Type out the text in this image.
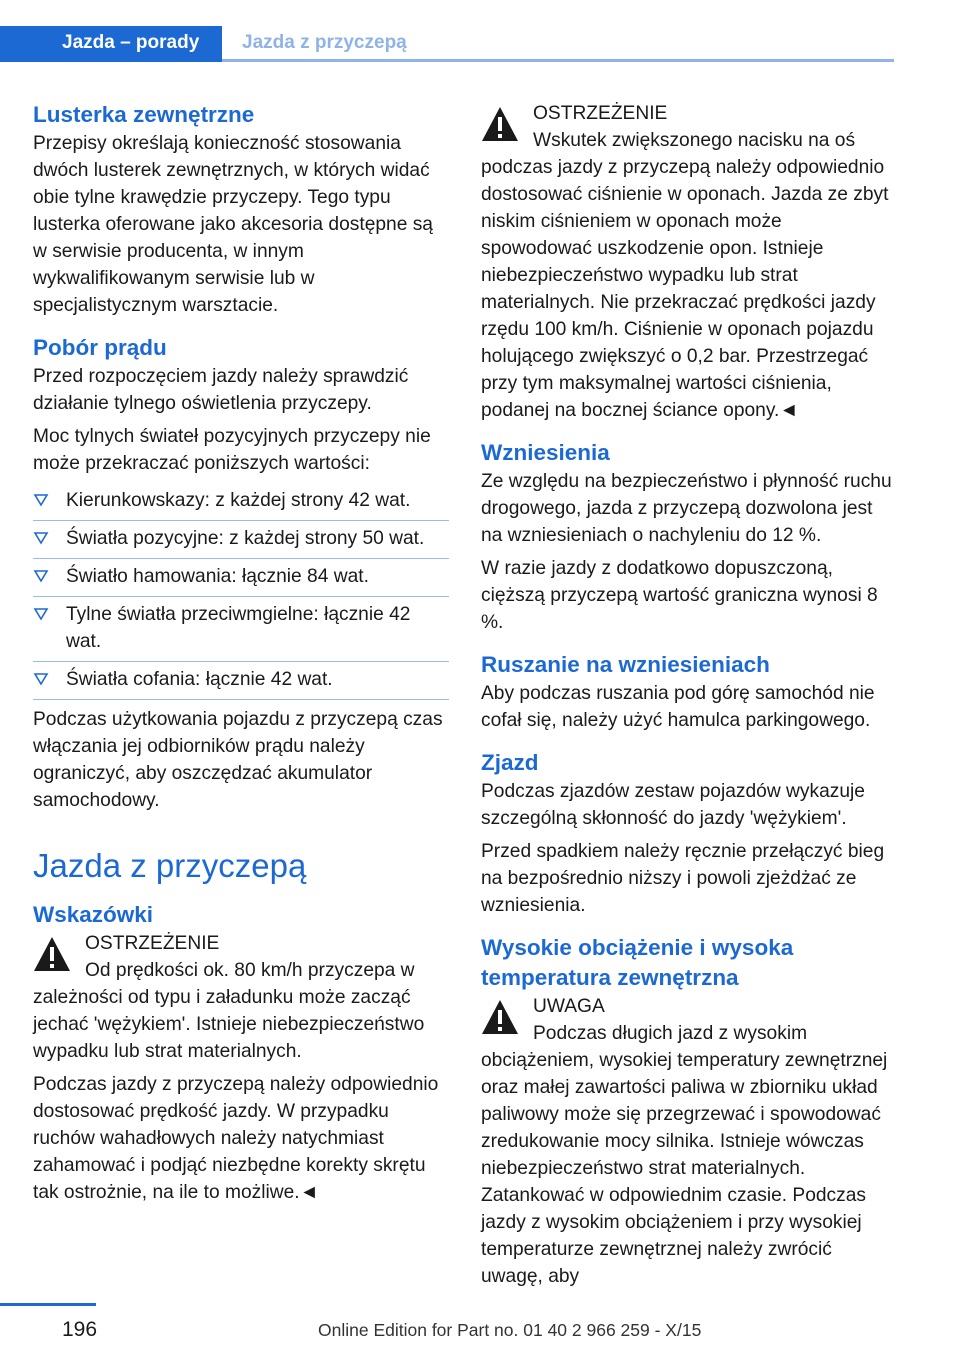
Jazda – porady Jazda z przyczepą
Lusterka zewnętrzne

Przepisy określają konieczność stosowania dwóch lusterek zewnętrznych, w których widać obie tylne krawędzie przyczepy. Tego typu lusterka oferowane jako akcesoria dostępne są w serwisie producenta, w innym wykwalifikowanym serwisie lub w specjalistycznym warsztacie.

Pobór prądu

Przed rozpoczęciem jazdy należy sprawdzić działanie tylnego oświetlenia przyczepy.

Moc tylnych świateł pozycyjnych przyczepy nie może przekraczać poniższych wartości:

Kierunkowskazy: z każdej strony 42 wat.
Światła pozycyjne: z każdej strony 50 wat.
Światło hamowania: łącznie 84 wat.
Tylne światła przeciwmgielne: łącznie 42 wat.
Światła cofania: łącznie 42 wat.

Podczas użytkowania pojazdu z przyczepą czas włączania jej odbiorników prądu należy ograniczyć, aby oszczędzać akumulator samochodowy.

Jazda z przyczepą
Wskazówki
OSTRZEŻENIE

Od prędkości ok. 80 km/h przyczepa w zależności od typu i załadunku może zacząć jechać 'wężykiem'. Istnieje niebezpieczeństwo wypadku lub strat materialnych.

Podczas jazdy z przyczepą należy odpowiednio dostosować prędkość jazdy. W przypadku ruchów wahadłowych należy natychmiast zahamować i podjąć niezbędne korekty skrętu tak ostrożnie, na ile to możliwe.◄

OSTRZEŻENIE

Wskutek zwiększonego nacisku na oś podczas jazdy z przyczepą należy odpowiednio dostosować ciśnienie w oponach. Jazda ze zbyt niskim ciśnieniem w oponach może spowodować uszkodzenie opon. Istnieje niebezpieczeństwo wypadku lub strat materialnych. Nie przekraczać prędkości jazdy rzędu 100 km/h. Ciśnienie w oponach pojazdu holującego zwiększyć o 0,2 bar. Przestrzegać przy tym maksymalnej wartości ciśnienia, podanej na bocznej ściance opony.◄

Wzniesienia

Ze względu na bezpieczeństwo i płynność ruchu drogowego, jazda z przyczepą dozwolona jest na wzniesieniach o nachyleniu do 12 %.

W razie jazdy z dodatkowo dopuszczoną, cięższą przyczepą wartość graniczna wynosi 8 %.

Ruszanie na wzniesieniach

Aby podczas ruszania pod górę samochód nie cofał się, należy użyć hamulca parkingowego.

Zjazd

Podczas zjazdów zestaw pojazdów wykazuje szczególną skłonność do jazdy 'wężykiem'.

Przed spadkiem należy ręcznie przełączyć bieg na bezpośrednio niższy i powoli zjeżdżać ze wzniesienia.

Wysokie obciążenie i wysoka temperatura zewnętrzna
UWAGA

Podczas długich jazd z wysokim obciążeniem, wysokiej temperatury zewnętrznej oraz małej zawartości paliwa w zbiorniku układ paliwowy może się przegrzewać i spowodować zredukowanie mocy silnika. Istnieje wówczas niebezpieczeństwo strat materialnych. Zatankować w odpowiednim czasie. Podczas jazdy z wysokim obciążeniem i przy wysokiej temperaturze zewnętrznej należy zwrócić uwagę, aby

196	Online Edition for Part no. 01 40 2 966 259 - X/15
